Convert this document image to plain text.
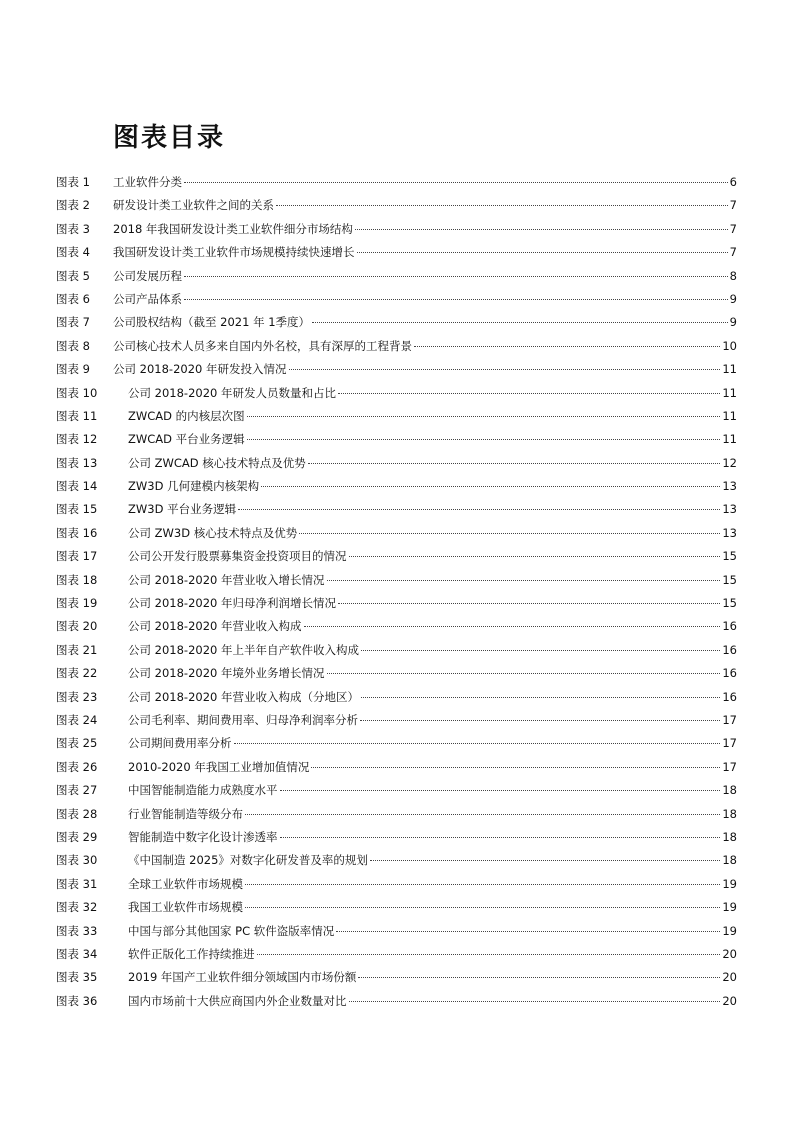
图表目录
图表 1	工业软件分类	6
图表 2	研发设计类工业软件之间的关系	7
图表 3	2018 年我国研发设计类工业软件细分市场结构	7
图表 4	我国研发设计类工业软件市场规模持续快速增长	7
图表 5	公司发展历程	8
图表 6	公司产品体系	9
图表 7	公司股权结构（截至 2021 年 1季度）	9
图表 8	公司核心技术人员多来自国内外名校，具有深厚的工程背景	10
图表 9	公司 2018-2020 年研发投入情况	11
图表 10	公司 2018-2020 年研发人员数量和占比	11
图表 11	ZWCAD 的内核层次图	11
图表 12	ZWCAD 平台业务逻辑	11
图表 13	公司 ZWCAD 核心技术特点及优势	12
图表 14	ZW3D 几何建模内核架构	13
图表 15	ZW3D 平台业务逻辑	13
图表 16	公司 ZW3D 核心技术特点及优势	13
图表 17	公司公开发行股票募集资金投资项目的情况	15
图表 18	公司 2018-2020 年营业收入增长情况	15
图表 19	公司 2018-2020 年归母净利润增长情况	15
图表 20	公司 2018-2020 年营业收入构成	16
图表 21	公司 2018-2020 年上半年自产软件收入构成	16
图表 22	公司 2018-2020 年境外业务增长情况	16
图表 23	公司 2018-2020 年营业收入构成（分地区）	16
图表 24	公司毛利率、期间费用率、归母净利润率分析	17
图表 25	公司期间费用率分析	17
图表 26	2010-2020 年我国工业增加值情况	17
图表 27	中国智能制造能力成熟度水平	18
图表 28	行业智能制造等级分布	18
图表 29	智能制造中数字化设计渗透率	18
图表 30	《中国制造 2025》对数字化研发普及率的规划	18
图表 31	全球工业软件市场规模	19
图表 32	我国工业软件市场规模	19
图表 33	中国与部分其他国家 PC 软件盗版率情况	19
图表 34	软件正版化工作持续推进	20
图表 35	2019 年国产工业软件细分领域国内市场份额	20
图表 36	国内市场前十大供应商国内外企业数量对比	20
